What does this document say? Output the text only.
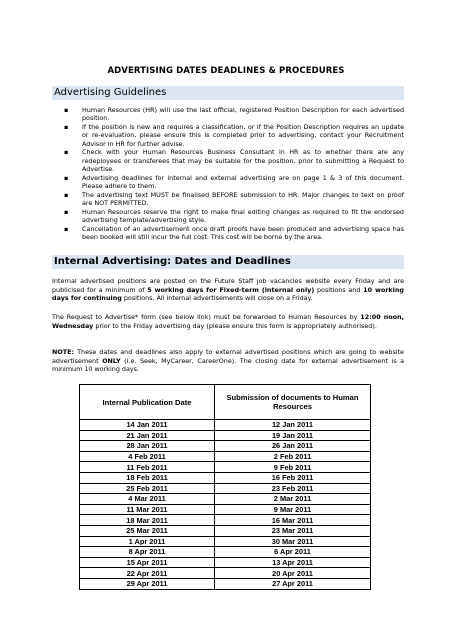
ADVERTISING DATES DEADLINES & PROCEDURES
Advertising Guidelines
▪ Human Resources (HR) will use the last official, registered Position Description for each advertised position.
▪ If the position is new and requires a classification, or if the Position Description requires an update or re-evaluation, please ensure this is completed prior to advertising, contact your Recruitment Advisor in HR for further advise.
▪ Check with your Human Resources Business Consultant in HR as to whether there are any redeployees or transferees that may be suitable for the position, prior to submitting a Request to Advertise.
▪ Advertising deadlines for internal and external advertising are on page 1 & 3 of this document. Please adhere to them.
▪ The advertising text MUST be finalised BEFORE submission to HR. Major changes to text on proof are NOT PERMITTED.
▪ Human Resources reserve the right to make final editing changes as required to fit the endorsed advertising template/advertising style.
▪ Cancellation of an advertisement once draft proofs have been produced and advertising space has been booked will still incur the full cost. This cost will be borne by the area.
Internal Advertising: Dates and Deadlines

Internal advertised positions are posted on the Future Staff job vacancies website every Friday and are publicised for a minimum of 5 working days for Fixed-term (internal only) positions and 10 working days for continuing positions. All internal advertisements will close on a Friday.

The Request to Advertise* form (see below link) must be forwarded to Human Resources by 12:00 noon, Wednesday prior to the Friday advertising day (please ensure this form is appropriately authorised).

NOTE: These dates and deadlines also apply to external advertised positions which are going to website advertisement ONLY (i.e. Seek, MyCareer, CareerOne). The closing date for external advertisement is a minimum 10 working days.

Internal Publication Date	Submission of documents to Human Resources
14 Jan 2011	12 Jan 2011
21 Jan 2011	19 Jan 2011
28 Jan 2011	26 Jan 2011
4 Feb 2011	2 Feb 2011
11 Feb 2011	9 Feb 2011
18 Feb 2011	16 Feb 2011
25 Feb 2011	23 Feb 2011
4 Mar 2011	2 Mar 2011
11 Mar 2011	9 Mar 2011
18 Mar 2011	16 Mar 2011
25 Mar 2011	23 Mar 2011
1 Apr 2011	30 Mar 2011
8 Apr 2011	6 Apr 2011
15 Apr 2011	13 Apr 2011
22 Apr 2011	20 Apr 2011
29 Apr 2011	27 Apr 2011
